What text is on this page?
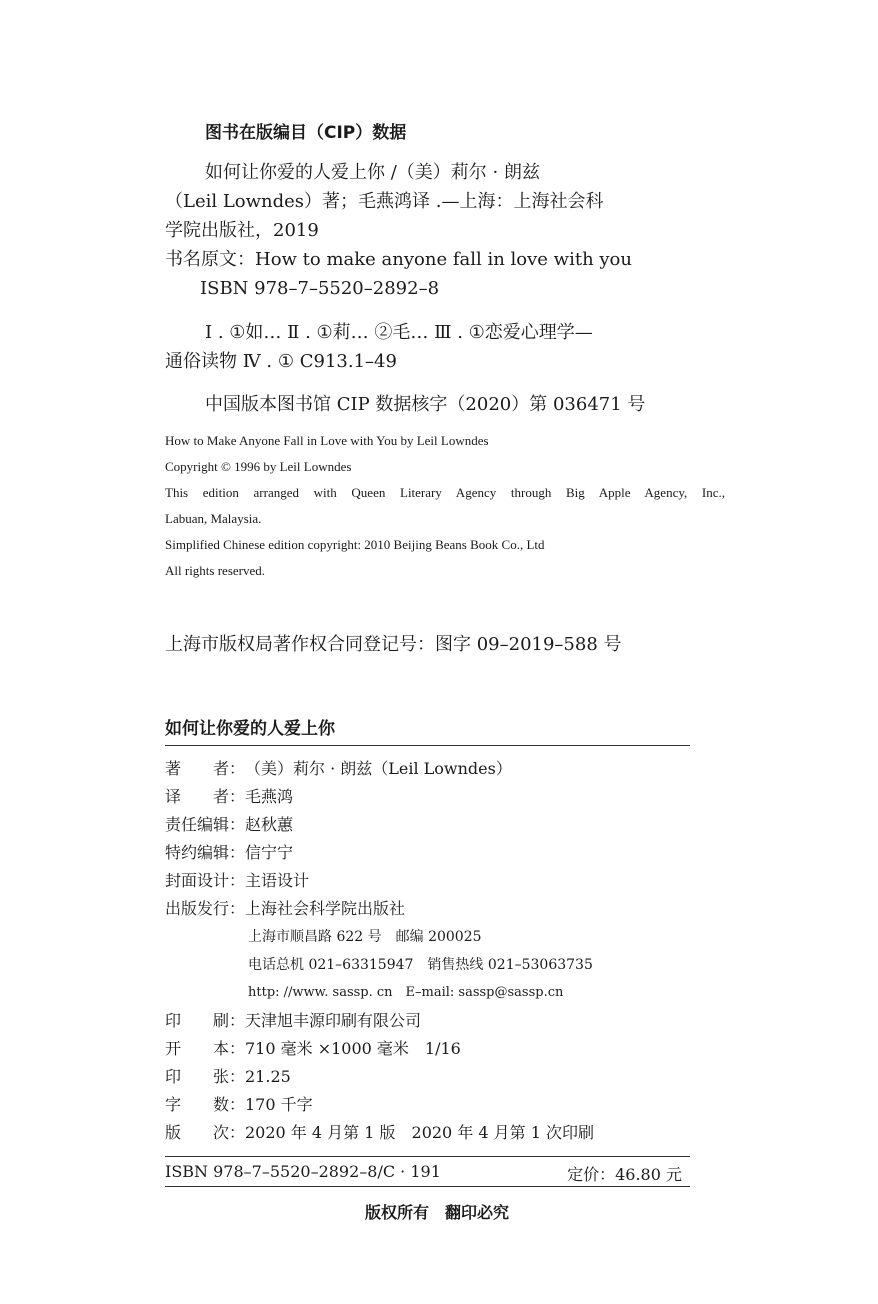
图书在版编目（CIP）数据
如何让你爱的人爱上你 /（美）莉尔 · 朗兹
（Leil Lowndes）著；毛燕鸿译 .—上海：上海社会科
学院出版社，2019
书名原文：How to make anyone fall in love with you
ISBN 978–7–5520–2892–8
Ⅰ . ①如… Ⅱ . ①莉… ②毛… Ⅲ . ①恋爱心理学—
通俗读物 Ⅳ . ① C913.1–49
中国版本图书馆 CIP 数据核字（2020）第 036471 号
How to Make Anyone Fall in Love with You by Leil Lowndes
Copyright © 1996 by Leil Lowndes
This edition arranged with Queen Literary Agency through Big Apple Agency, Inc.,
Labuan, Malaysia.
Simplified Chinese edition copyright: 2010 Beijing Beans Book Co., Ltd
All rights reserved.
上海市版权局著作权合同登记号：图字 09–2019–588 号
如何让你爱的人爱上你
著　　者：（美）莉尔 · 朗兹（Leil Lowndes）
译　　者：毛燕鸿
责任编辑：赵秋蕙
特约编辑：信宁宁
封面设计：主语设计
出版发行：上海社会科学院出版社
上海市顺昌路 622 号　邮编 200025
电话总机 021–63315947　销售热线 021–53063735
http: //www. sassp. cn　E–mail: sassp@sassp.cn
印　　刷：天津旭丰源印刷有限公司
开　　本：710 毫米 ×1000 毫米　1/16
印　　张：21.25
字　　数：170 千字
版　　次：2020 年 4 月第 1 版　2020 年 4 月第 1 次印刷
ISBN 978–7–5520–2892–8/C · 191	定价：46.80 元
版权所有　翻印必究
